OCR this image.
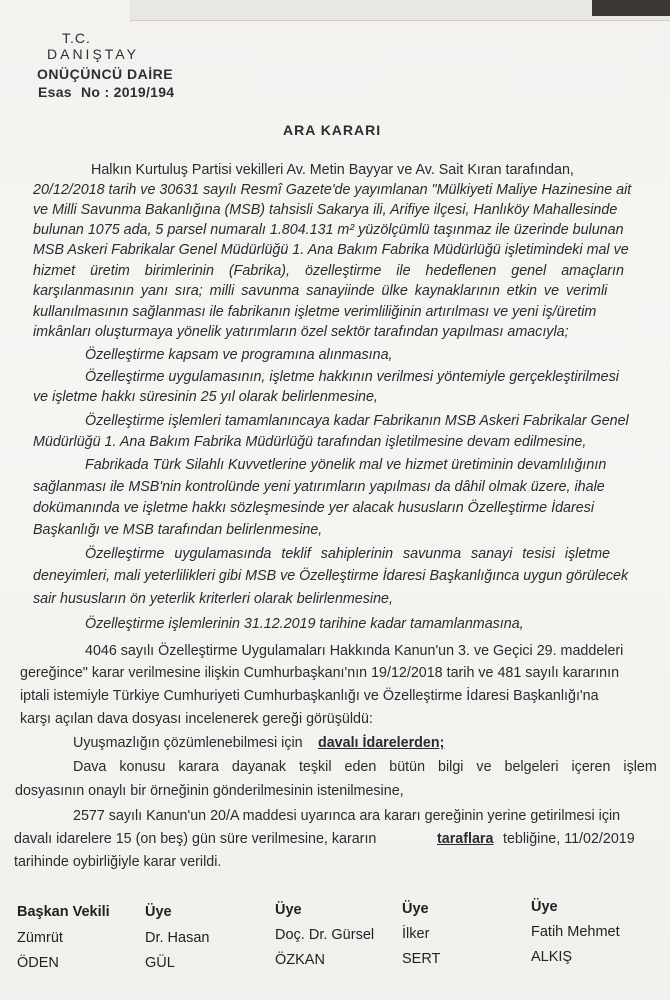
T.C.
DANIŞTAY
ONÜÇÜNCÜ DAİRE
Esas No : 2019/194
ARA KARARI
Halkın Kurtuluş Partisi vekilleri Av. Metin Bayyar ve Av. Sait Kıran tarafından,
20/12/2018 tarih ve 30631 sayılı Resmî Gazete'de yayımlanan "Mülkiyeti Maliye Hazinesine ait
ve Milli Savunma Bakanlığına (MSB) tahsisli Sakarya ili, Arifiye ilçesi, Hanlıköy Mahallesinde
bulunan 1075 ada, 5 parsel numaralı 1.804.131 m² yüzölçümlü taşınmaz ile üzerinde bulunan
MSB Askeri Fabrikalar Genel Müdürlüğü 1. Ana Bakım Fabrika Müdürlüğü işletimindeki mal ve
hizmet üretim birimlerinin (Fabrika), özelleştirme ile hedeflenen genel amaçların
karşılanmasının yanı sıra; milli savunma sanayiinde ülke kaynaklarının etkin ve verimli
kullanılmasının sağlanması ile fabrikanın işletme verimliliğinin artırılması ve yeni iş/üretim
imkânları oluşturmaya yönelik yatırımların özel sektör tarafından yapılması amacıyla;
Özelleştirme kapsam ve programına alınmasına,
Özelleştirme uygulamasının, işletme hakkının verilmesi yöntemiyle gerçekleştirilmesi
ve işletme hakkı süresinin 25 yıl olarak belirlenmesine,
Özelleştirme işlemleri tamamlanıncaya kadar Fabrikanın MSB Askeri Fabrikalar Genel
Müdürlüğü 1. Ana Bakım Fabrika Müdürlüğü tarafından işletilmesine devam edilmesine,
Fabrikada Türk Silahlı Kuvvetlerine yönelik mal ve hizmet üretiminin devamlılığının
sağlanması ile MSB'nin kontrolünde yeni yatırımların yapılması da dâhil olmak üzere, ihale
dokümanında ve işletme hakkı sözleşmesinde yer alacak hususların Özelleştirme İdaresi
Başkanlığı ve MSB tarafından belirlenmesine,
Özelleştirme uygulamasında teklif sahiplerinin savunma sanayi tesisi işletme
deneyimleri, mali yeterlilikleri gibi MSB ve Özelleştirme İdaresi Başkanlığınca uygun görülecek
sair hususların ön yeterlik kriterleri olarak belirlenmesine,
Özelleştirme işlemlerinin 31.12.2019 tarihine kadar tamamlanmasına,
4046 sayılı Özelleştirme Uygulamaları Hakkında Kanun'un 3. ve Geçici 29. maddeleri
gereğince" karar verilmesine ilişkin Cumhurbaşkanı'nın 19/12/2018 tarih ve 481 sayılı kararının
iptali istemiyle Türkiye Cumhuriyeti Cumhurbaşkanlığı ve Özelleştirme İdaresi Başkanlığı'na
karşı açılan dava dosyası incelenerek gereği görüşüldü:
Uyuşmazlığın çözümlenebilmesi için davalı İdarelerden;
Dava konusu karara dayanak teşkil eden bütün bilgi ve belgeleri içeren işlem
dosyasının onaylı bir örneğinin gönderilmesinin istenilmesine,
2577 sayılı Kanun'un 20/A maddesi uyarınca ara kararı gereğinin yerine getirilmesi için
davalı idarelere 15 (on beş) gün süre verilmesine, kararın	taraflara tebliğine, 11/02/2019
tarihinde oybirliğiyle karar verildi.
Başkan Vekili
Zümrüt
ÖDEN
Üye
Dr. Hasan
GÜL
Üye
Doç. Dr. Gürsel
ÖZKAN
Üye
İlker
SERT
Üye
Fatih Mehmet
ALKIŞ
